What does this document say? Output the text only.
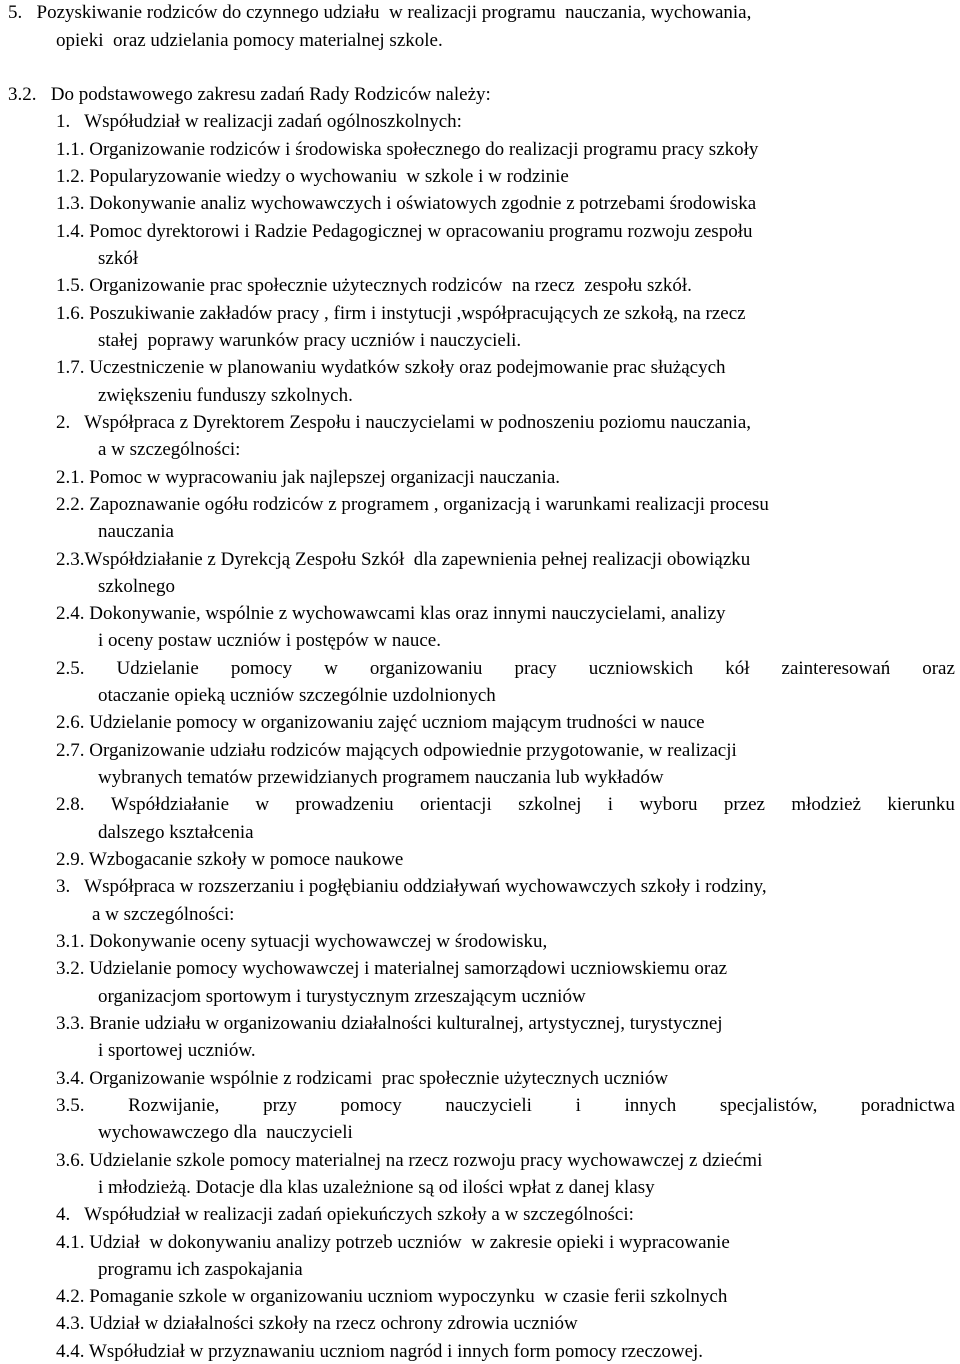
5.   Pozyskiwanie rodziców do czynnego udziału  w realizacji programu  nauczania, wychowania,
opieki  oraz udzielania pomocy materialnej szkole.
3.2.   Do podstawowego zakresu zadań Rady Rodziców należy:
1.   Współudział w realizacji zadań ogólnoszkolnych:
1.1. Organizowanie rodziców i środowiska społecznego do realizacji programu pracy szkoły
1.2. Popularyzowanie wiedzy o wychowaniu  w szkole i w rodzinie
1.3. Dokonywanie analiz wychowawczych i oświatowych zgodnie z potrzebami środowiska
1.4. Pomoc dyrektorowi i Radzie Pedagogicznej w opracowaniu programu rozwoju zespołu
szkół
1.5. Organizowanie prac społecznie użytecznych rodziców  na rzecz  zespołu szkół.
1.6. Poszukiwanie zakładów pracy , firm i instytucji ,współpracujących ze szkołą, na rzecz
stałej  poprawy warunków pracy uczniów i nauczycieli.
1.7. Uczestniczenie w planowaniu wydatków szkoły oraz podejmowanie prac służących
zwiększeniu funduszy szkolnych.
2.   Współpraca z Dyrektorem Zespołu i nauczycielami w podnoszeniu poziomu nauczania,
a w szczególności:
2.1. Pomoc w wypracowaniu jak najlepszej organizacji nauczania.
2.2. Zapoznawanie ogółu rodziców z programem , organizacją i warunkami realizacji procesu
nauczania
2.3.Współdziałanie z Dyrekcją Zespołu Szkół  dla zapewnienia pełnej realizacji obowiązku
szkolnego
2.4. Dokonywanie, wspólnie z wychowawcami klas oraz innymi nauczycielami, analizy
i oceny postaw uczniów i postępów w nauce.
2.5. Udzielanie pomocy w organizowaniu pracy uczniowskich kół zainteresowań oraz
otaczanie opieką uczniów szczególnie uzdolnionych
2.6. Udzielanie pomocy w organizowaniu zajęć uczniom mającym trudności w nauce
2.7. Organizowanie udziału rodziców mających odpowiednie przygotowanie, w realizacji
wybranych tematów przewidzianych programem nauczania lub wykładów
2.8. Współdziałanie w prowadzeniu orientacji szkolnej i wyboru przez młodzież kierunku
dalszego kształcenia
2.9. Wzbogacanie szkoły w pomoce naukowe
3.   Współpraca w rozszerzaniu i pogłębianiu oddziaływań wychowawczych szkoły i rodziny,
a w szczególności:
3.1. Dokonywanie oceny sytuacji wychowawczej w środowisku,
3.2. Udzielanie pomocy wychowawczej i materialnej samorządowi uczniowskiemu oraz
organizacjom sportowym i turystycznym zrzeszającym uczniów
3.3. Branie udziału w organizowaniu działalności kulturalnej, artystycznej, turystycznej
i sportowej uczniów.
3.4. Organizowanie wspólnie z rodzicami  prac społecznie użytecznych uczniów
3.5. Rozwijanie, przy pomocy nauczycieli i innych specjalistów, poradnictwa
wychowawczego dla  nauczycieli
3.6. Udzielanie szkole pomocy materialnej na rzecz rozwoju pracy wychowawczej z dziećmi
i młodzieżą. Dotacje dla klas uzależnione są od ilości wpłat z danej klasy
4.   Współudział w realizacji zadań opiekuńczych szkoły a w szczególności:
4.1. Udział  w dokonywaniu analizy potrzeb uczniów  w zakresie opieki i wypracowanie
programu ich zaspokajania
4.2. Pomaganie szkole w organizowaniu uczniom wypoczynku  w czasie ferii szkolnych
4.3. Udział w działalności szkoły na rzecz ochrony zdrowia uczniów
4.4. Współudział w przyznawaniu uczniom nagród i innych form pomocy rzeczowej.
